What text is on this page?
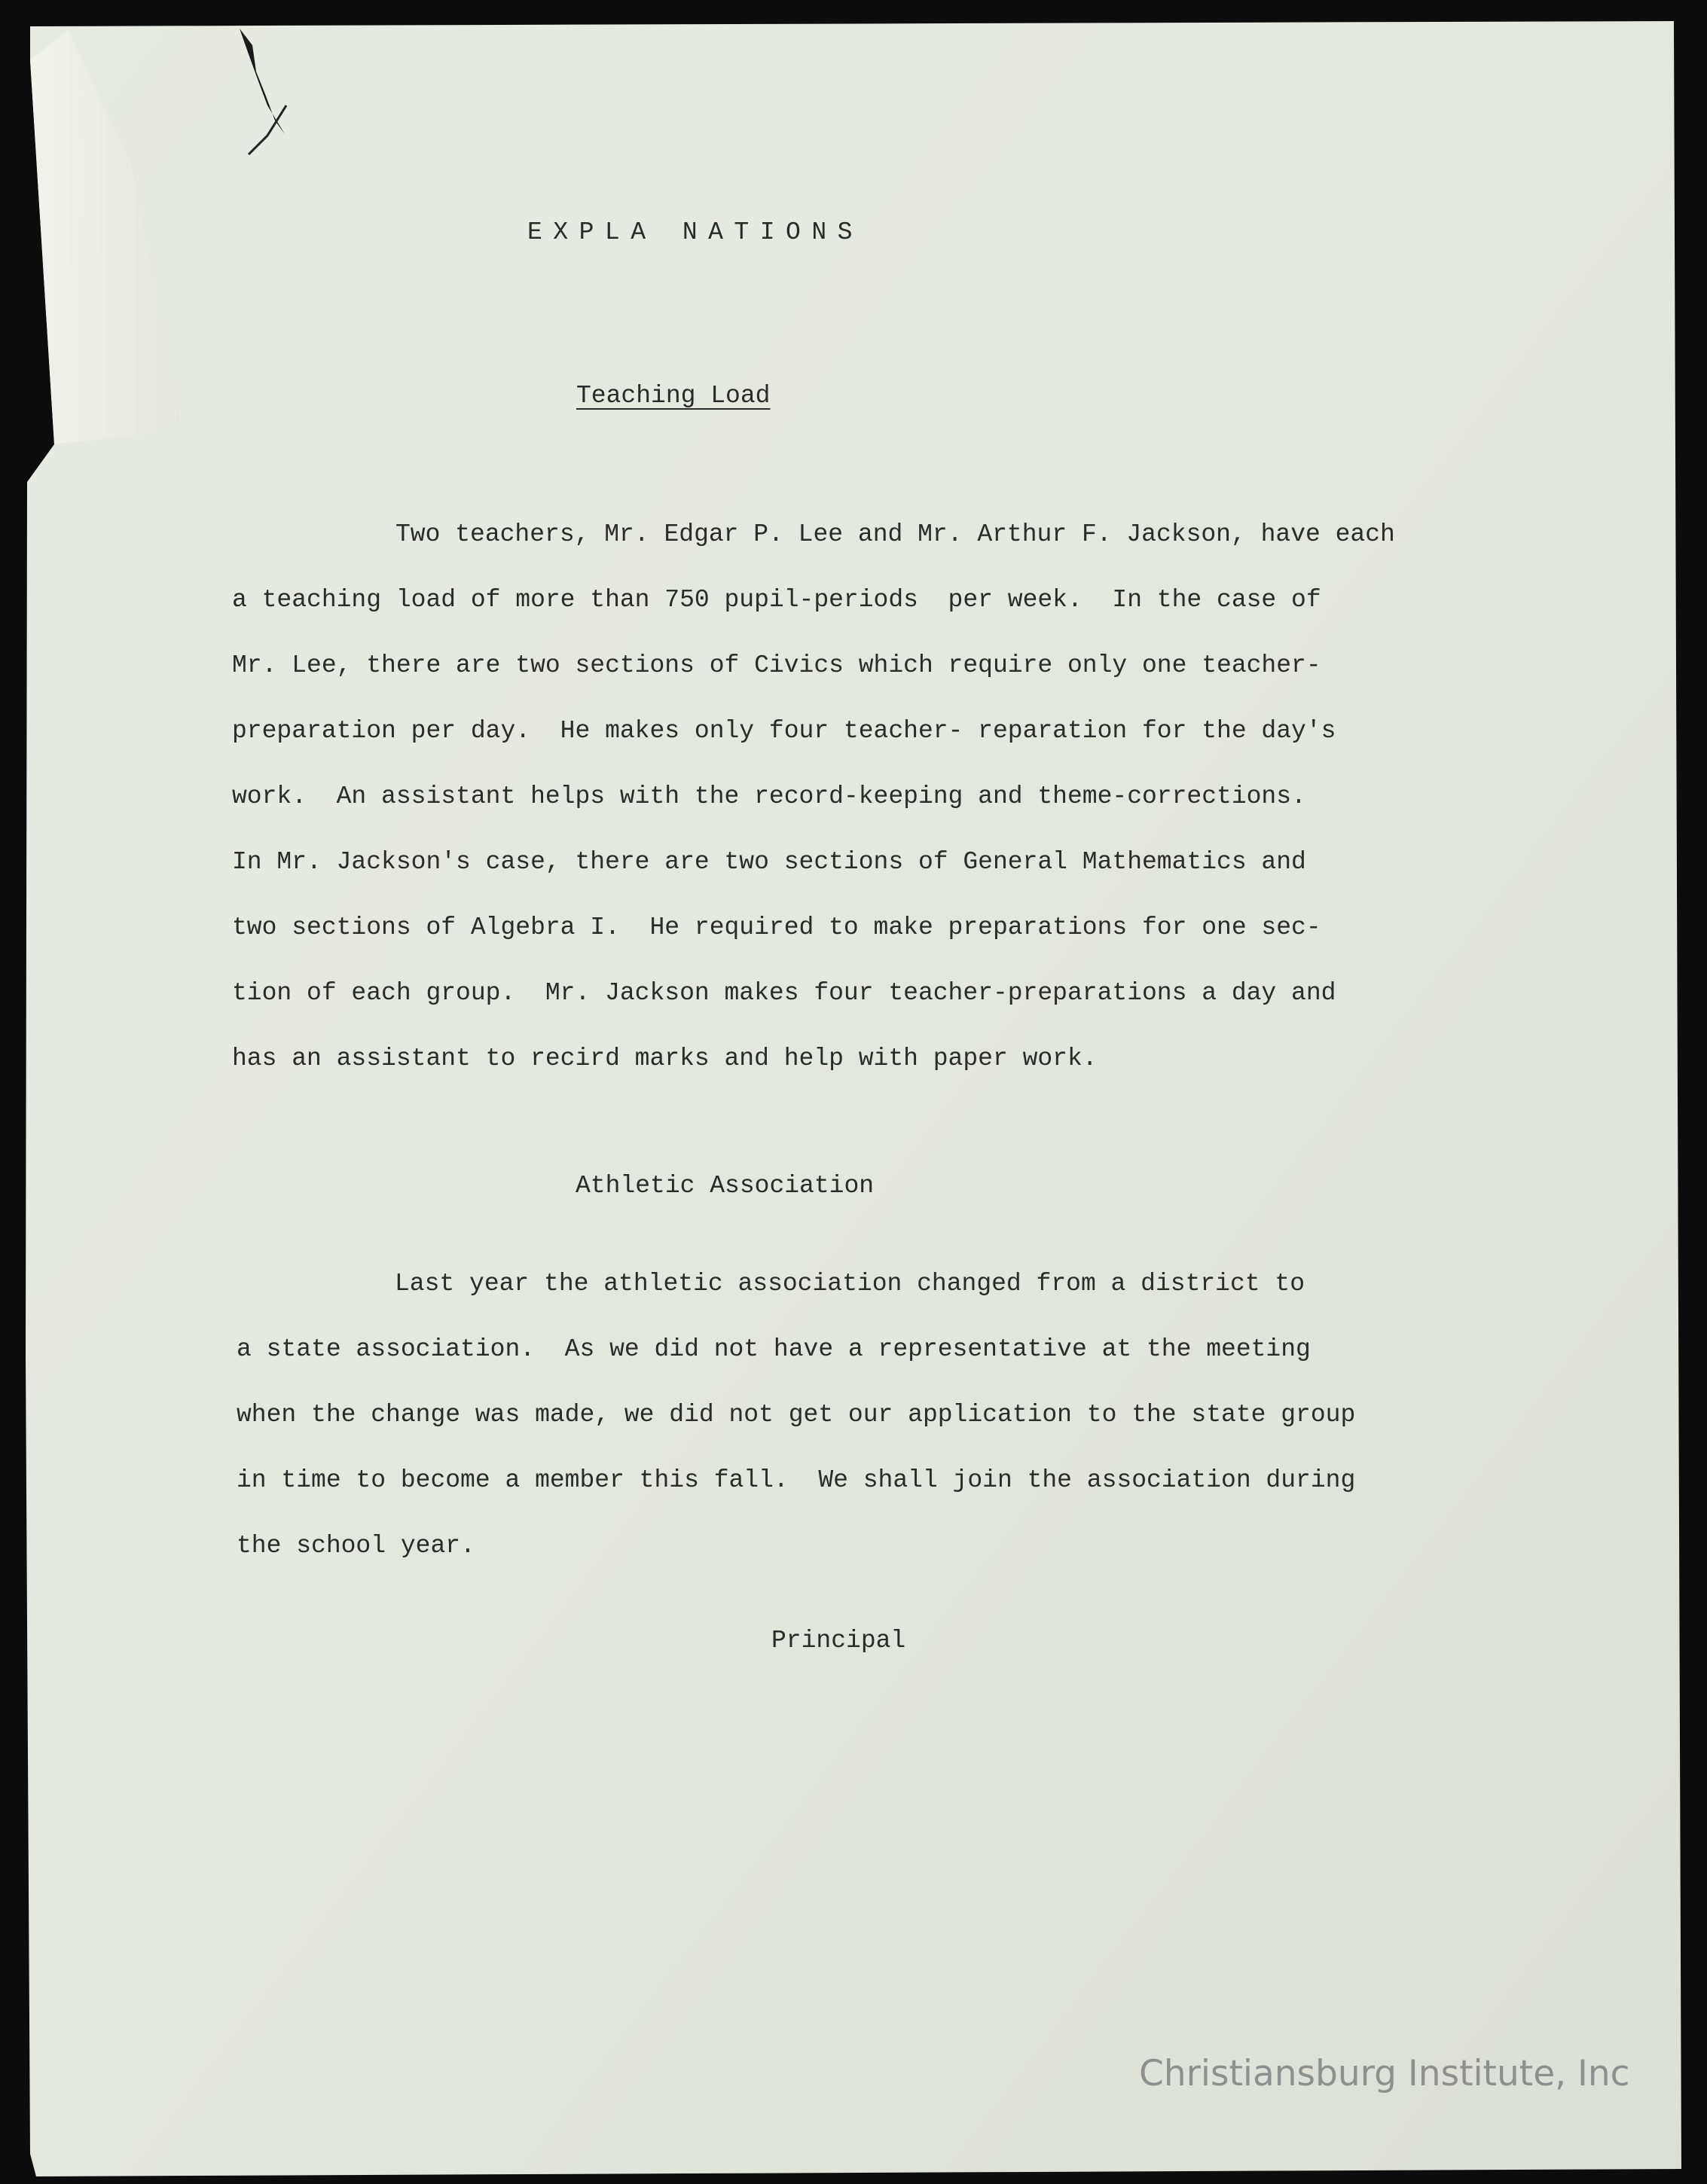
EXPLA NATIONS
Teaching Load
Two teachers, Mr. Edgar P. Lee and Mr. Arthur F. Jackson, have each
a teaching load of more than 750 pupil-periods  per week.  In the case of
Mr. Lee, there are two sections of Civics which require only one teacher-
preparation per day.  He makes only four teacher- reparation for the day's
work.  An assistant helps with the record-keeping and theme-corrections.
In Mr. Jackson's case, there are two sections of General Mathematics and
two sections of Algebra I.  He required to make preparations for one sec-
tion of each group.  Mr. Jackson makes four teacher-preparations a day and
has an assistant to recird marks and help with paper work.
Athletic Association
Last year the athletic association changed from a district to
a state association.  As we did not have a representative at the meeting
when the change was made, we did not get our application to the state group
in time to become a member this fall.  We shall join the association during
the school year.
Principal
Christiansburg Institute, Inc
